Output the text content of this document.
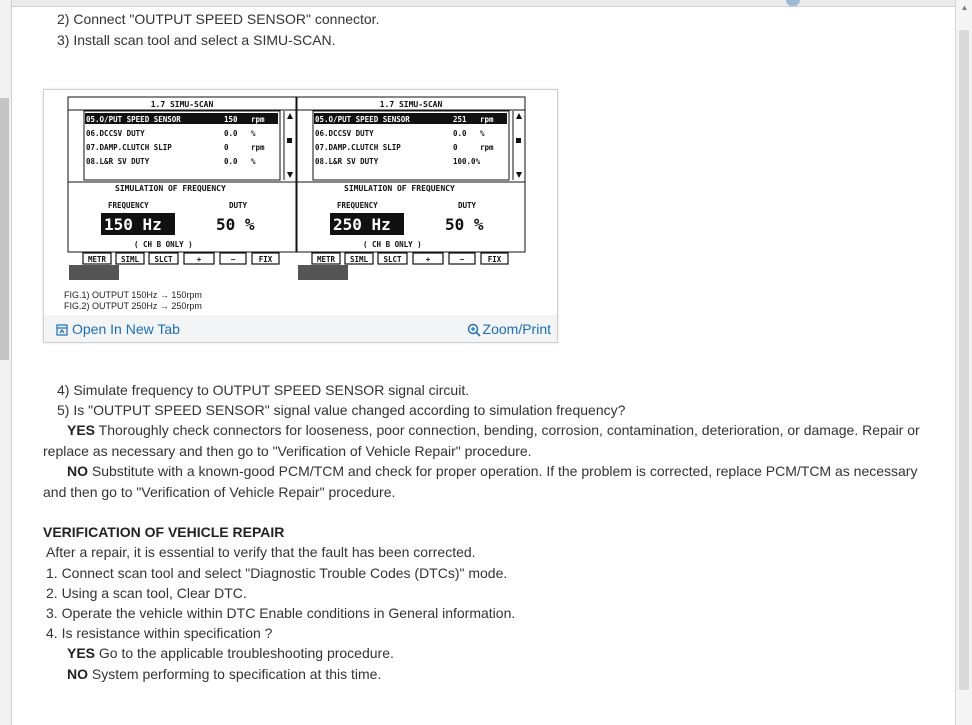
▲
2) Connect "OUTPUT SPEED SENSOR" connector.
3) Install scan tool and select a SIMU-SCAN.
1.7 SIMU-SCAN
05.O/PUT SPEED SENSOR	150 rpm
06.DCCSV DUTY	0.0 %
07.DAMP.CLUTCH SLIP	0	rpm
08.L&R SV DUTY	0.0 %
SIMULATION OF FREQUENCY
FREQUENCY	DUTY
150 Hz	50 %
( CH B ONLY )
METR SIML SLCT	+	−	FIX
1.7 SIMU-SCAN
05.O/PUT SPEED SENSOR	251 rpm
06.DCCSV DUTY	0.0 %
07.DAMP.CLUTCH SLIP	0	rpm
08.L&R SV DUTY	100.0%
SIMULATION OF FREQUENCY
FREQUENCY	DUTY
250 Hz	50 %
( CH B ONLY )
METR SIML SLCT	+	−	FIX
FIG.1) OUTPUT 150Hz → 150rpm
FIG.2) OUTPUT 250Hz → 250rpm
Open In New Tab	Zoom/Print
4) Simulate frequency to OUTPUT SPEED SENSOR signal circuit.
5) Is "OUTPUT SPEED SENSOR" signal value changed according to simulation frequency?
YES Thoroughly check connectors for looseness, poor connection, bending, corrosion, contamination, deterioration, or damage. Repair or replace as necessary and then go to "Verification of Vehicle Repair" procedure.
NO Substitute with a known-good PCM/TCM and check for proper operation. If the problem is corrected, replace PCM/TCM as necessary and then go to "Verification of Vehicle Repair" procedure.
VERIFICATION OF VEHICLE REPAIR
After a repair, it is essential to verify that the fault has been corrected.
1. Connect scan tool and select "Diagnostic Trouble Codes (DTCs)" mode.
2. Using a scan tool, Clear DTC.
3. Operate the vehicle within DTC Enable conditions in General information.
4. Is resistance within specification ?
YES Go to the applicable troubleshooting procedure.
NO System performing to specification at this time.
